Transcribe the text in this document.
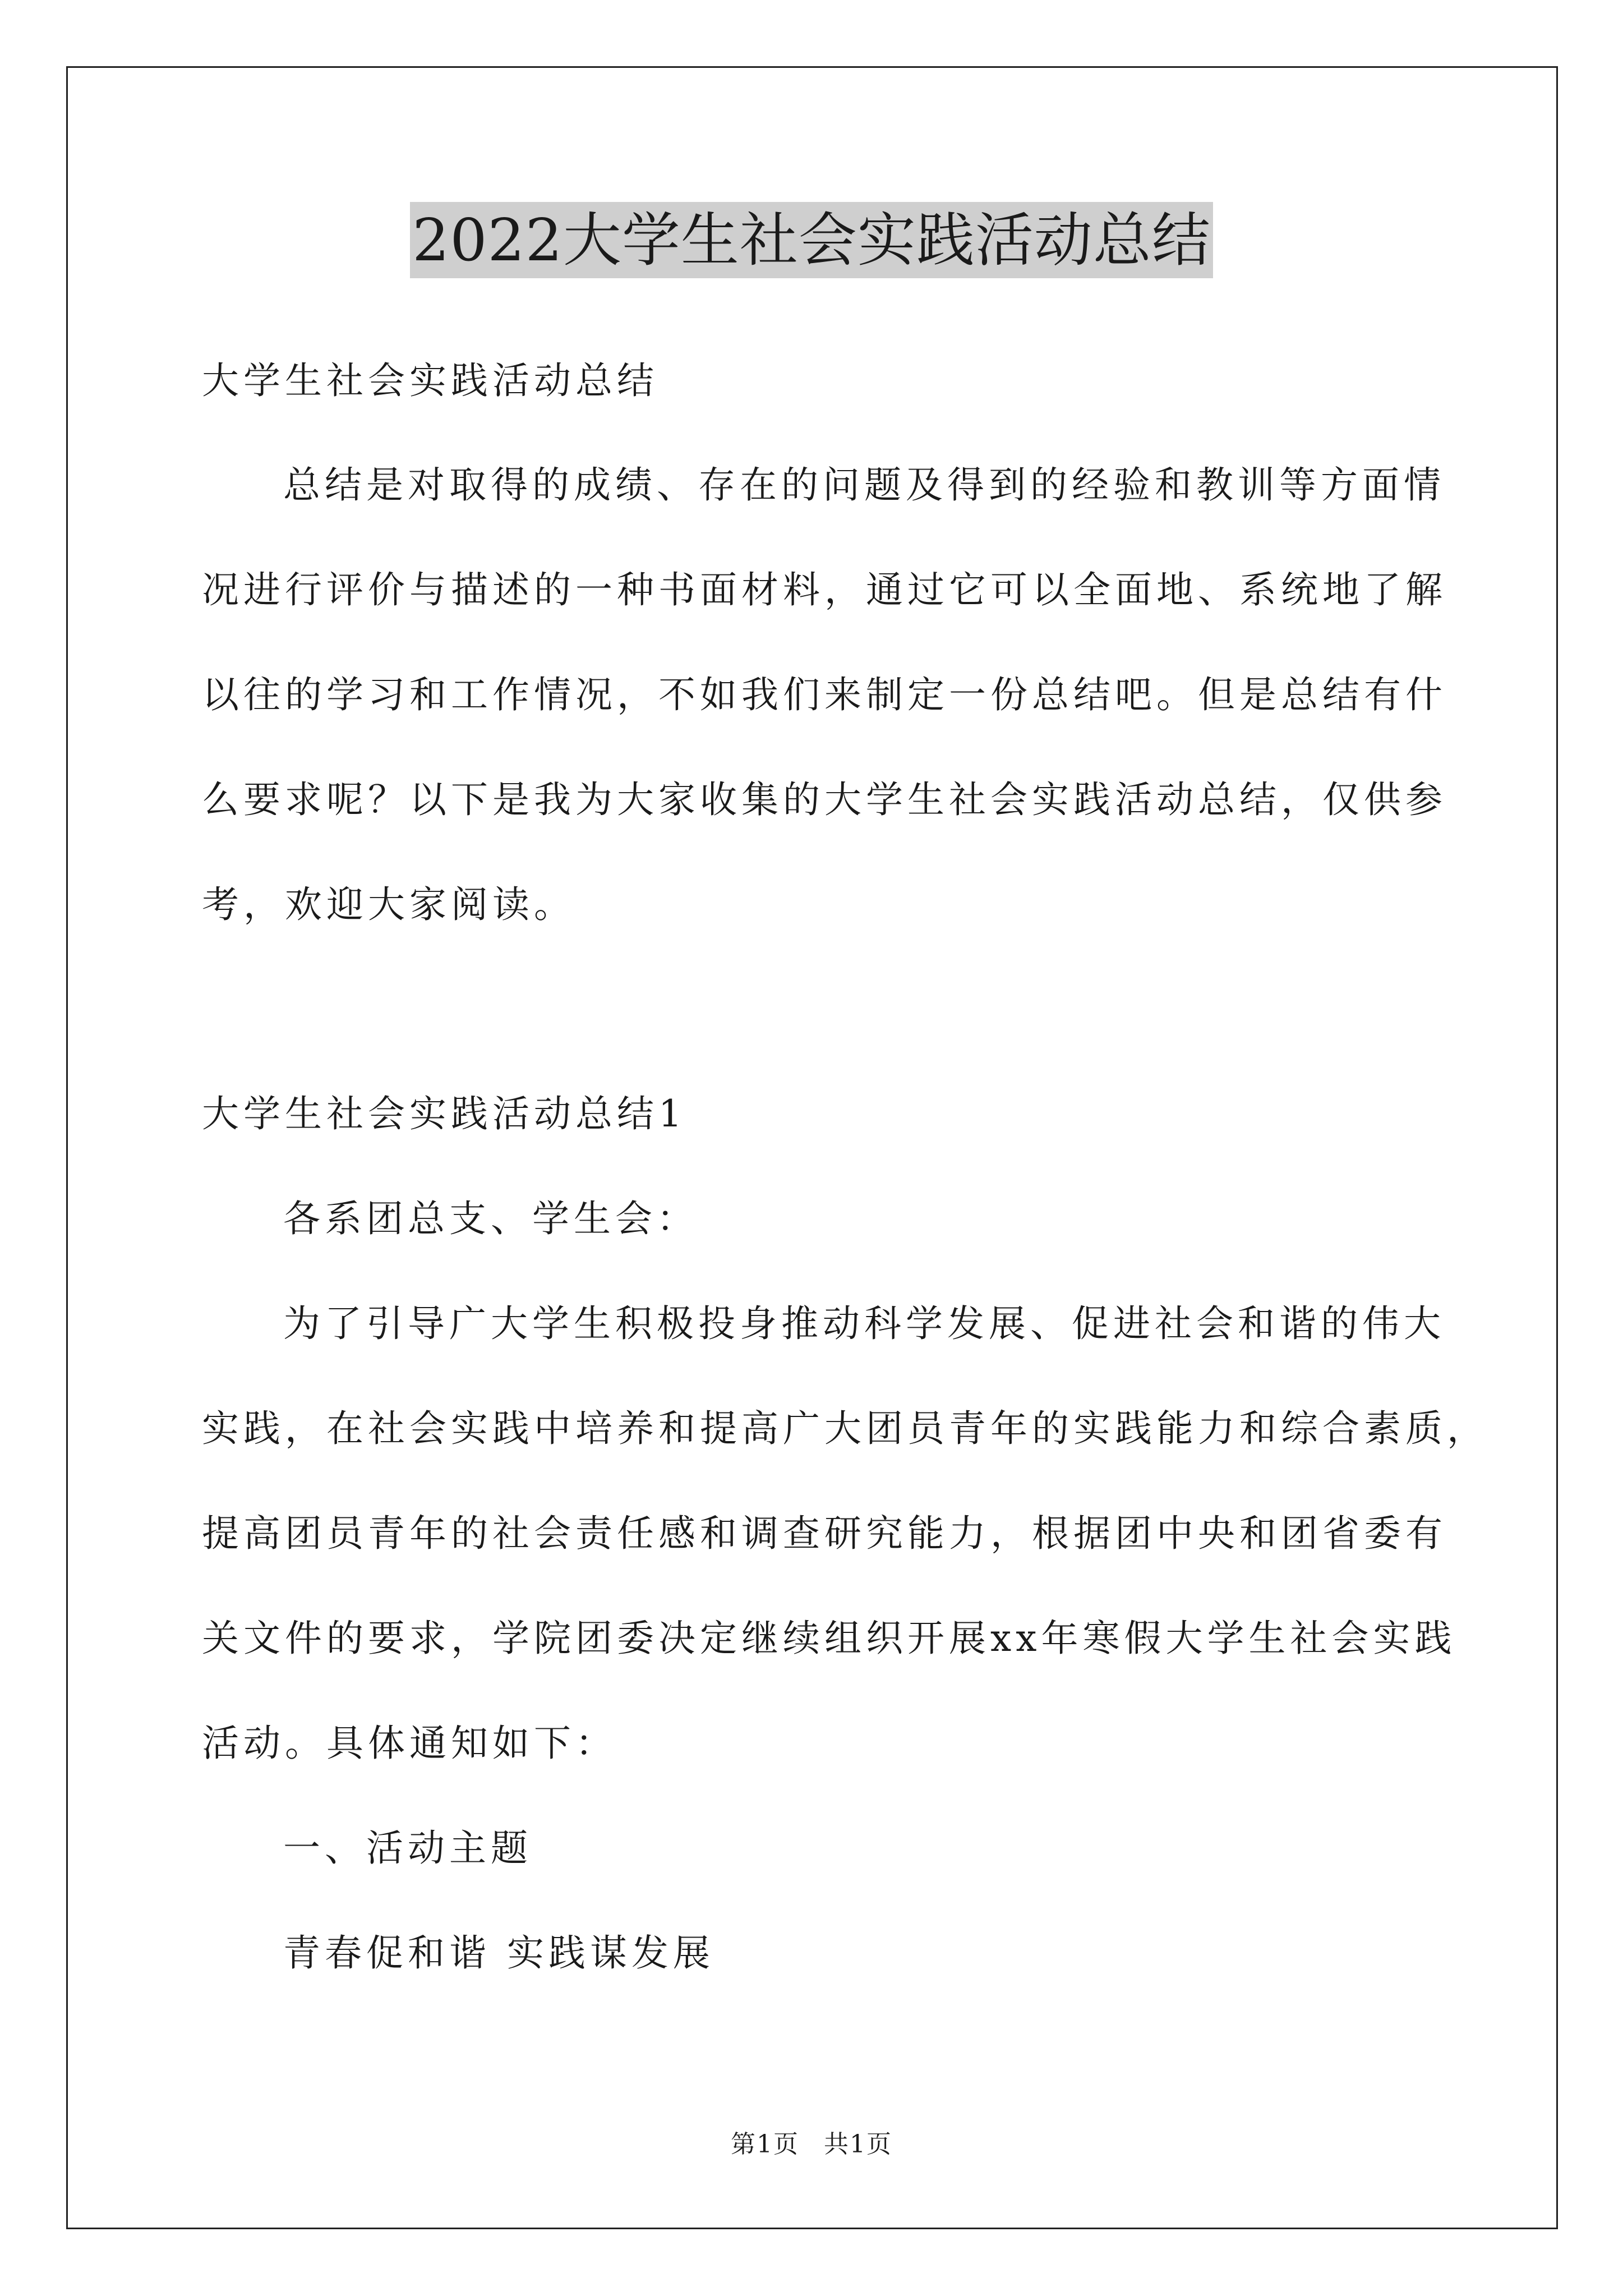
2022大学生社会实践活动总结
大学生社会实践活动总结
总结是对取得的成绩、存在的问题及得到的经验和教训等方面情
况进行评价与描述的一种书面材料，通过它可以全面地、系统地了解
以往的学习和工作情况，不如我们来制定一份总结吧。但是总结有什
么要求呢？以下是我为大家收集的大学生社会实践活动总结，仅供参
考，欢迎大家阅读。
大学生社会实践活动总结1
各系团总支、学生会：
为了引导广大学生积极投身推动科学发展、促进社会和谐的伟大
实践，在社会实践中培养和提高广大团员青年的实践能力和综合素质，
提高团员青年的社会责任感和调查研究能力，根据团中央和团省委有
关文件的要求，学院团委决定继续组织开展xx年寒假大学生社会实践
活动。具体通知如下：
一、活动主题
青春促和谐 实践谋发展
第1页 共1页
